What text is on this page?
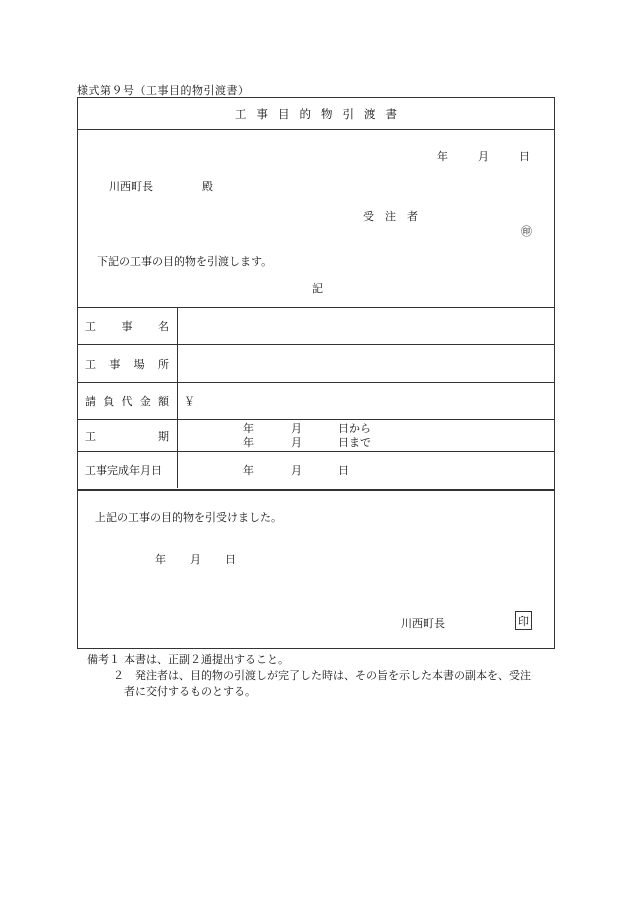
様式第９号（工事目的物引渡書）
工事目的物引渡書
年	月	日
川西町長	殿
受　注　者
㊞
下記の工事の目的物を引渡します。
記
工 事 名
工 事 場 所
請 負 代 金 額	￥
工	期
年	月	日から
年	月	日まで
工事完成年月日	年	月	日
上記の工事の目的物を引受けました。
年 月 日
川西町長	印
備考１ 本書は、正副２通提出すること。
２	発注者は、目的物の引渡しが完了した時は、その旨を示した本書の副本を、受注
者に交付するものとする。
